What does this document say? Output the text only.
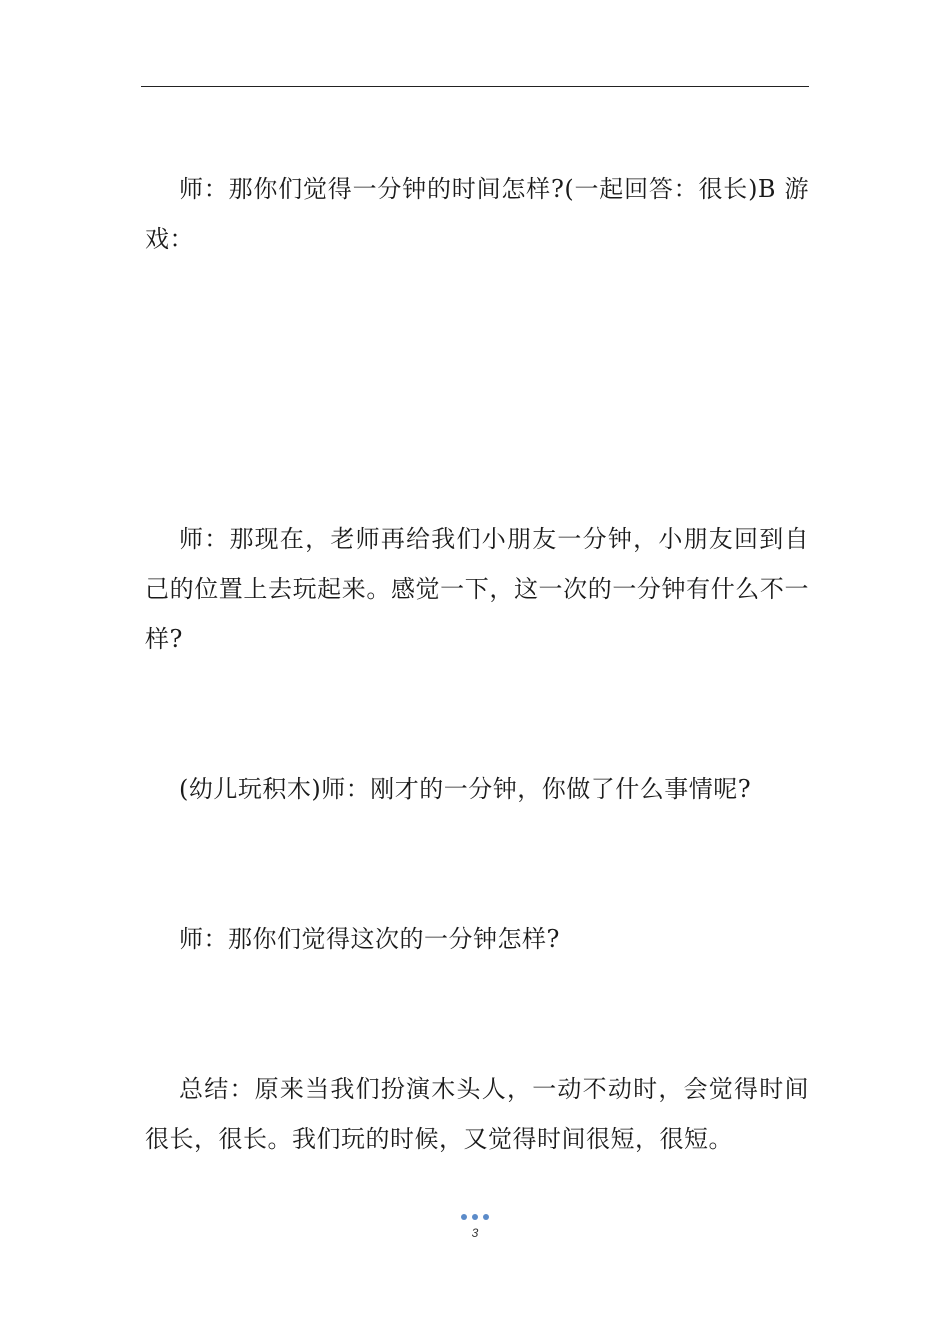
师：那你们觉得一分钟的时间怎样?(一起回答：很长)B 游戏：

师：那现在，老师再给我们小朋友一分钟，小朋友回到自己的位置上去玩起来。感觉一下，这一次的一分钟有什么不一样?

(幼儿玩积木)师：刚才的一分钟，你做了什么事情呢?

师：那你们觉得这次的一分钟怎样?

总结：原来当我们扮演木头人，一动不动时，会觉得时间很长，很长。我们玩的时候，又觉得时间很短，很短。

3
